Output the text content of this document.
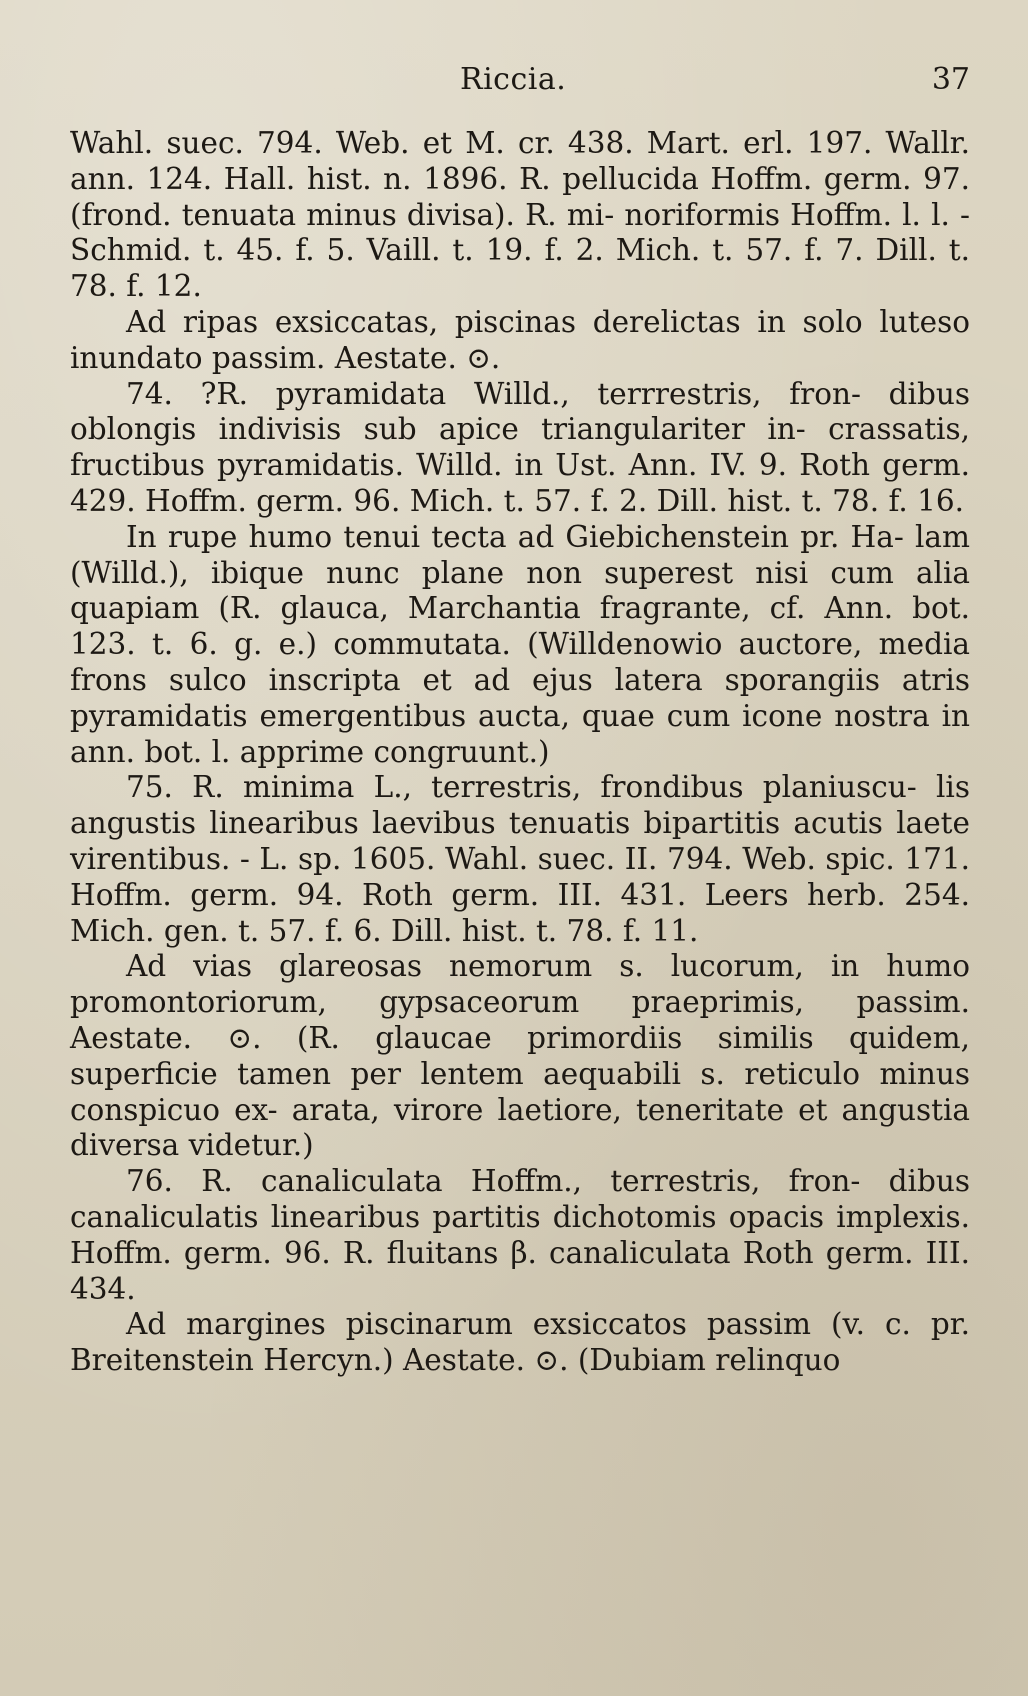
Riccia.	37

Wahl. suec. 794. Web. et M. cr. 438. Mart. erl. 197. Wallr. ann. 124. Hall. hist. n. 1896. R. pellucida Hoffm. germ. 97. (frond. tenuata minus divisa). R. mi- noriformis Hoffm. l. l. - Schmid. t. 45. f. 5. Vaill. t. 19. f. 2. Mich. t. 57. f. 7. Dill. t. 78. f. 12.

Ad ripas exsiccatas, piscinas derelictas in solo luteso inundato passim. Aestate. ⊙.

74. ?R. pyramidata Willd., terrrestris, fron- dibus oblongis indivisis sub apice triangulariter in- crassatis, fructibus pyramidatis. Willd. in Ust. Ann. IV. 9. Roth germ. 429. Hoffm. germ. 96. Mich. t. 57. f. 2. Dill. hist. t. 78. f. 16.

In rupe humo tenui tecta ad Giebichenstein pr. Ha- lam (Willd.), ibique nunc plane non superest nisi cum alia quapiam (R. glauca, Marchantia fragrante, cf. Ann. bot. 123. t. 6. g. e.) commutata. (Willdenowio auctore, media frons sulco inscripta et ad ejus latera sporangiis atris pyramidatis emergentibus aucta, quae cum icone nostra in ann. bot. l. apprime congruunt.)

75. R. minima L., terrestris, frondibus planiuscu- lis angustis linearibus laevibus tenuatis bipartitis acutis laete virentibus. - L. sp. 1605. Wahl. suec. II. 794. Web. spic. 171. Hoffm. germ. 94. Roth germ. III. 431. Leers herb. 254. Mich. gen. t. 57. f. 6. Dill. hist. t. 78. f. 11.

Ad vias glareosas nemorum s. lucorum, in humo promontoriorum, gypsaceorum praeprimis, passim. Aestate. ⊙. (R. glaucae primordiis similis quidem, superficie tamen per lentem aequabili s. reticulo minus conspicuo ex- arata, virore laetiore, teneritate et angustia diversa videtur.)

76. R. canaliculata Hoffm., terrestris, fron- dibus canaliculatis linearibus partitis dichotomis opacis implexis. Hoffm. germ. 96. R. fluitans β. canaliculata Roth germ. III. 434.

Ad margines piscinarum exsiccatos passim (v. c. pr. Breitenstein Hercyn.) Aestate. ⊙. (Dubiam relinquo
